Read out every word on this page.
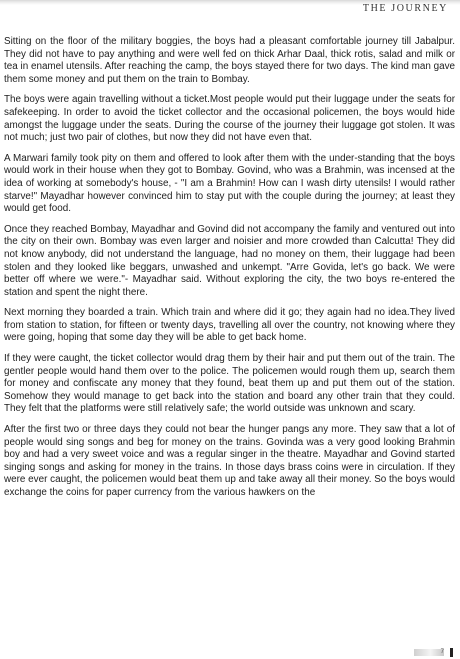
THE JOURNEY

Sitting on the floor of the military boggies, the boys had a pleasant comfortable journey till Jabalpur. They did not have to pay anything and were well fed on thick Arhar Daal, thick rotis, salad and milk or tea in enamel utensils. After reaching the camp, the boys stayed there for two days. The kind man gave them some money and put them on the train to Bombay.

The boys were again travelling without a ticket.Most people would put their luggage under the seats for safekeeping. In order to avoid the ticket collector and the occasional policemen, the boys would hide amongst the luggage under the seats. During the course of the journey their luggage got stolen. It was not much; just two pair of clothes, but now they did not have even that.

A Marwari family took pity on them and offered to look after them with the under-standing that the boys would work in their house when they got to Bombay. Govind, who was a Brahmin, was incensed at the idea of working at somebody's house, - "I am a Brahmin! How can I wash dirty utensils! I would rather starve!" Mayadhar however convinced him to stay put with the couple during the journey; at least they would get food.

Once they reached Bombay, Mayadhar and Govind did not accompany the family and ventured out into the city on their own. Bombay was even larger and noisier and more crowded than Calcutta! They did not know anybody, did not understand the language, had no money on them, their luggage had been stolen and they looked like beggars, unwashed and unkempt. "Arre Govida, let's go back. We were better off where we were."- Mayadhar said. Without exploring the city, the two boys re-entered the station and spent the night there.

Next morning they boarded a train. Which train and where did it go; they again had no idea.They lived from station to station, for fifteen or twenty days, travelling all over the country, not knowing where they were going, hoping that some day they will be able to get back home.

If they were caught, the ticket collector would drag them by their hair and put them out of the train. The gentler people would hand them over to the police. The policemen would rough them up, search them for money and confiscate any money that they found, beat them up and put them out of the station. Somehow they would manage to get back into the station and board any other train that they could. They felt that the platforms were still relatively safe; the world outside was unknown and scary.

After the first two or three days they could not bear the hunger pangs any more. They saw that a lot of people would sing songs and beg for money on the trains. Govinda was a very good looking Brahmin boy and had a very sweet voice and was a regular singer in the theatre. Mayadhar and Govind started singing songs and asking for money in the trains. In those days brass coins were in circulation. If they were ever caught, the policemen would beat them up and take away all their money. So the boys would exchange the coins for paper currency from the various hawkers on the

7
